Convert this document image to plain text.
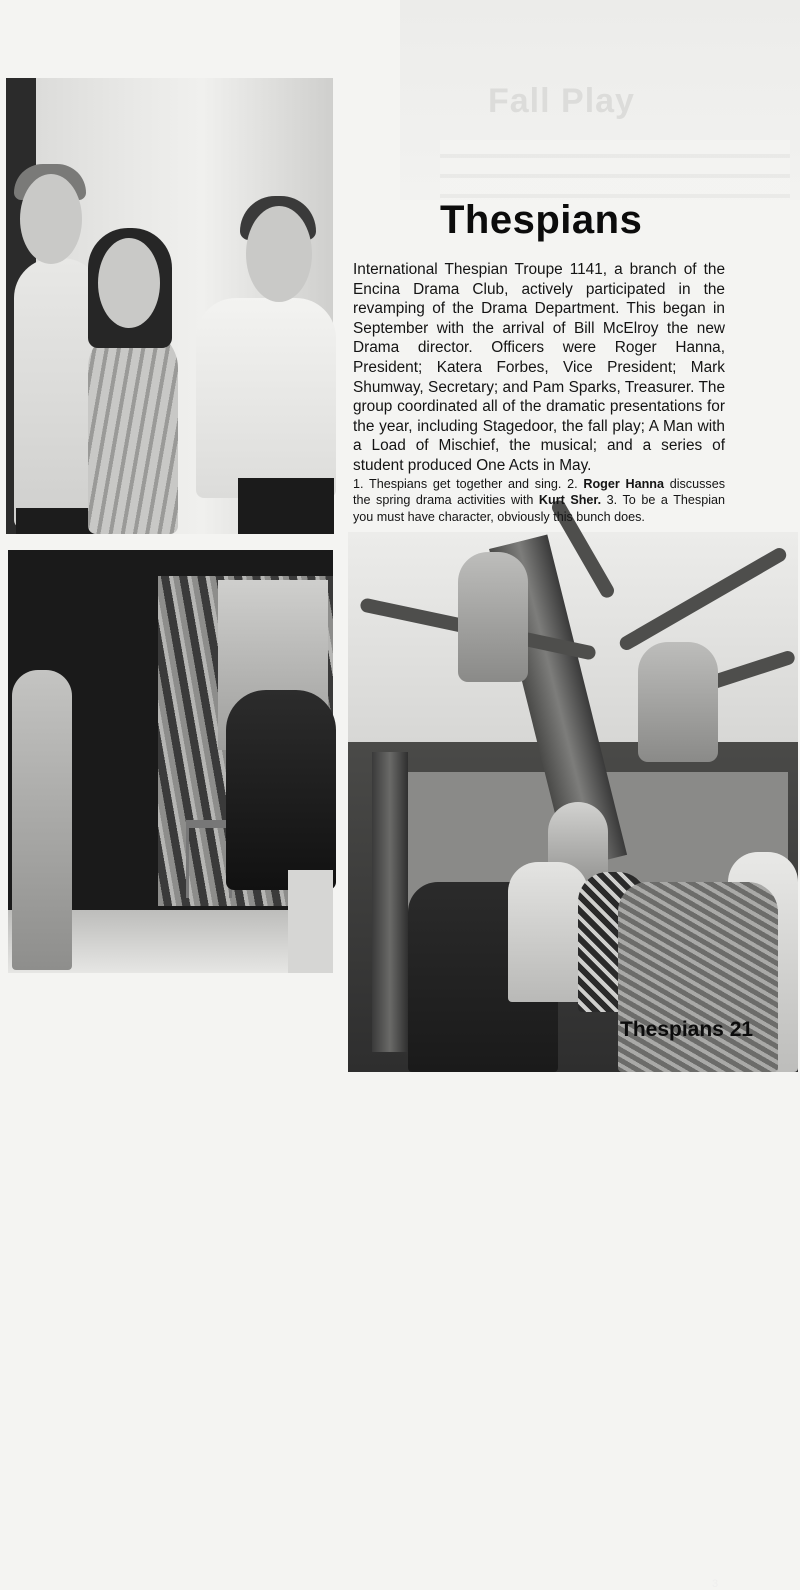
Fall Play
3
Thespians

International Thespian Troupe 1141, a branch of the Encina Drama Club, actively participated in the revamping of the Drama Department. This began in September with the arrival of Bill McElroy the new Drama director. Officers were Roger Hanna, President; Katera Forbes, Vice President; Mark Shumway, Secretary; and Pam Sparks, Treasurer. The group coordinated all of the dramatic presentations for the year, including Stagedoor, the fall play; A Man with a Load of Mischief, the musical; and a series of student produced One Acts in May.

1. Thespians get together and sing. 2. Roger Hanna discusses the spring drama activities with Kurt Sher. 3. To be a Thespian you must have character, obviously this bunch does.

Thespians 21
